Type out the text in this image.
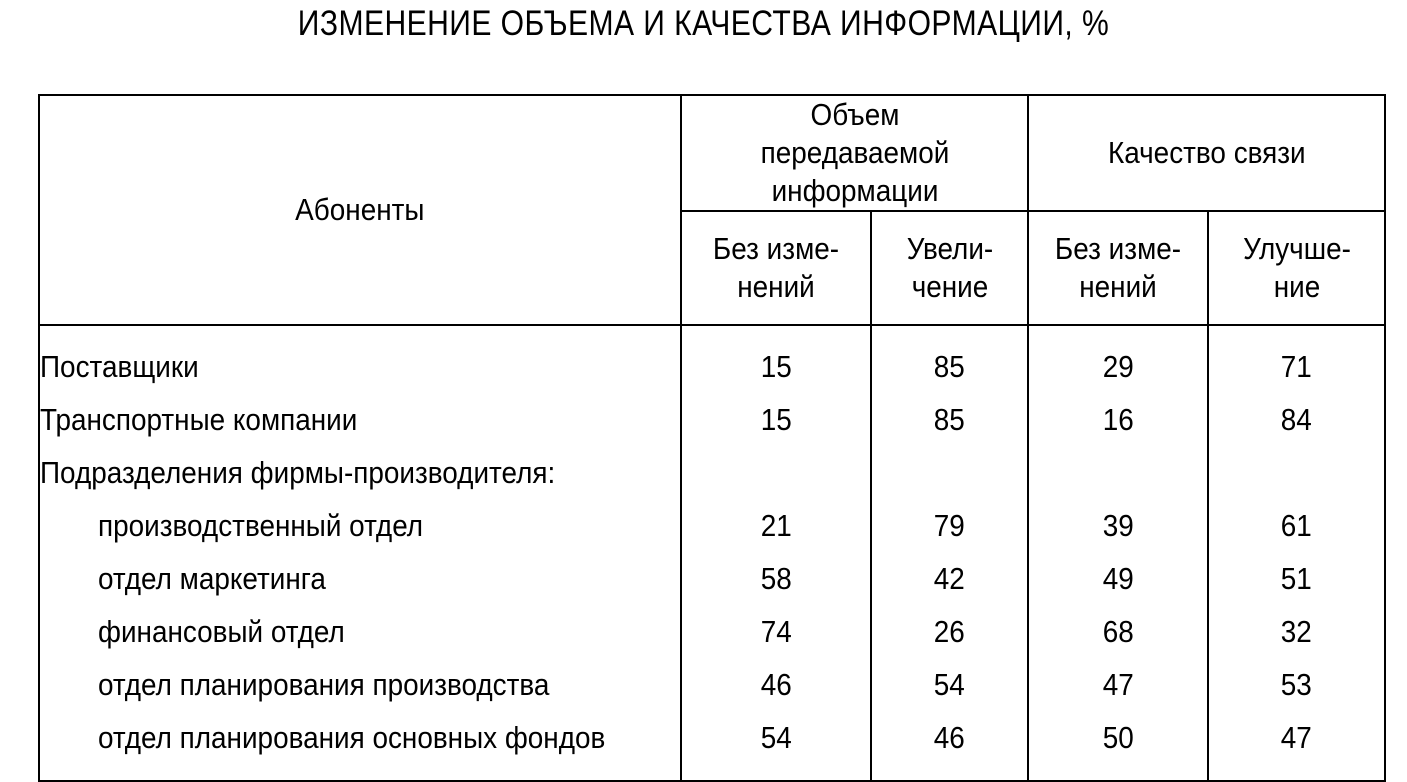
ИЗМЕНЕНИЕ ОБЪЕМА И КАЧЕСТВА ИНФОРМАЦИИ, %
Абоненты	Объем передаваемой информации		Качество связи	
	Без изме-нений	Увели-чение	Без изме-нений	Улучше-ние
Поставщики	15	85	29	71
Транспортные компании	15	85	16	84
Подразделения фирмы-производителя:				
производственный отдел	21	79	39	61
отдел маркетинга	58	42	49	51
финансовый отдел	74	26	68	32
отдел планирования производства	46	54	47	53
отдел планирования основных фондов	54	46	50	47
